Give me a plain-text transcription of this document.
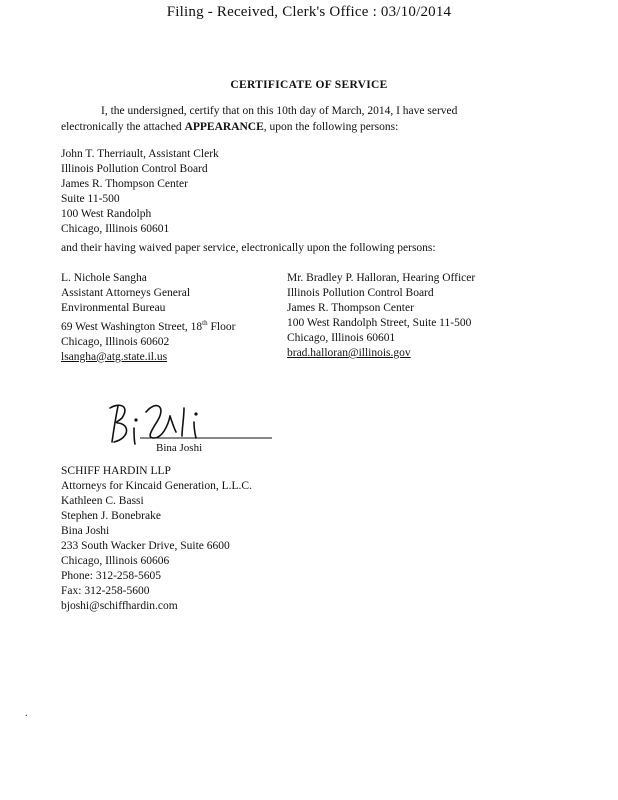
Filing - Received, Clerk's Office : 03/10/2014
CERTIFICATE OF SERVICE
I, the undersigned, certify that on this 10th day of March, 2014, I have served electronically the attached APPEARANCE, upon the following persons:
John T. Therriault, Assistant Clerk
Illinois Pollution Control Board
James R. Thompson Center
Suite 11-500
100 West Randolph
Chicago, Illinois 60601
and their having waived paper service, electronically upon the following persons:
L. Nichole Sangha
Assistant Attorneys General
Environmental Bureau
69 West Washington Street, 18th Floor
Chicago, Illinois 60602
lsangha@atg.state.il.us
Mr. Bradley P. Halloran, Hearing Officer
Illinois Pollution Control Board
James R. Thompson Center
100 West Randolph Street, Suite 11-500
Chicago, Illinois 60601
brad.halloran@illinois.gov
Bina Joshi
SCHIFF HARDIN LLP
Attorneys for Kincaid Generation, L.L.C.
Kathleen C. Bassi
Stephen J. Bonebrake
Bina Joshi
233 South Wacker Drive, Suite 6600
Chicago, Illinois 60606
Phone: 312-258-5605
Fax: 312-258-5600
bjoshi@schiffhardin.com
.
